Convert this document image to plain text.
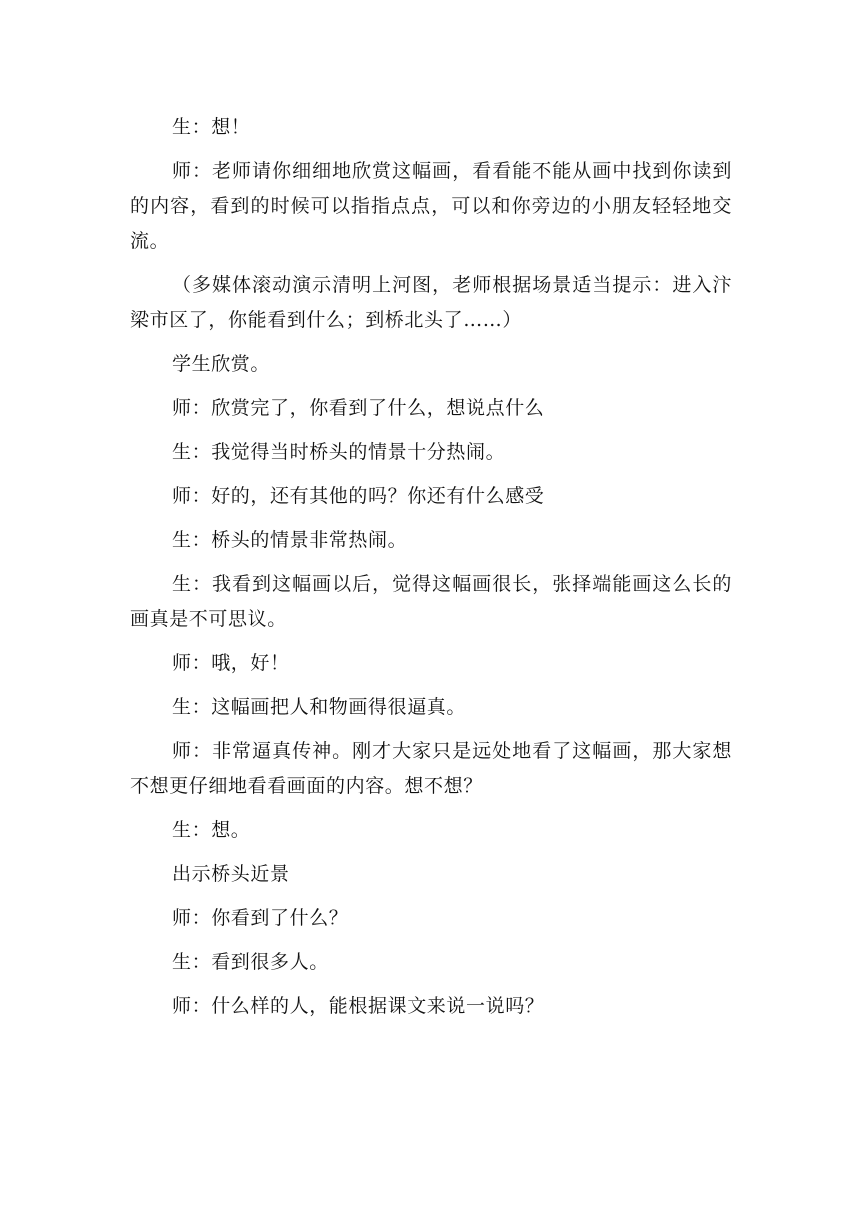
生：想！

师：老师请你细细地欣赏这幅画，看看能不能从画中找到你读到的内容，看到的时候可以指指点点，可以和你旁边的小朋友轻轻地交流。

（多媒体滚动演示清明上河图，老师根据场景适当提示：进入汴梁市区了，你能看到什么；到桥北头了……）

学生欣赏。

师：欣赏完了，你看到了什么，想说点什么

生：我觉得当时桥头的情景十分热闹。

师：好的，还有其他的吗？你还有什么感受

生：桥头的情景非常热闹。

生：我看到这幅画以后，觉得这幅画很长，张择端能画这么长的画真是不可思议。

师：哦，好！

生：这幅画把人和物画得很逼真。

师：非常逼真传神。刚才大家只是远处地看了这幅画，那大家想不想更仔细地看看画面的内容。想不想？

生：想。

出示桥头近景

师：你看到了什么？

生：看到很多人。

师：什么样的人，能根据课文来说一说吗？
